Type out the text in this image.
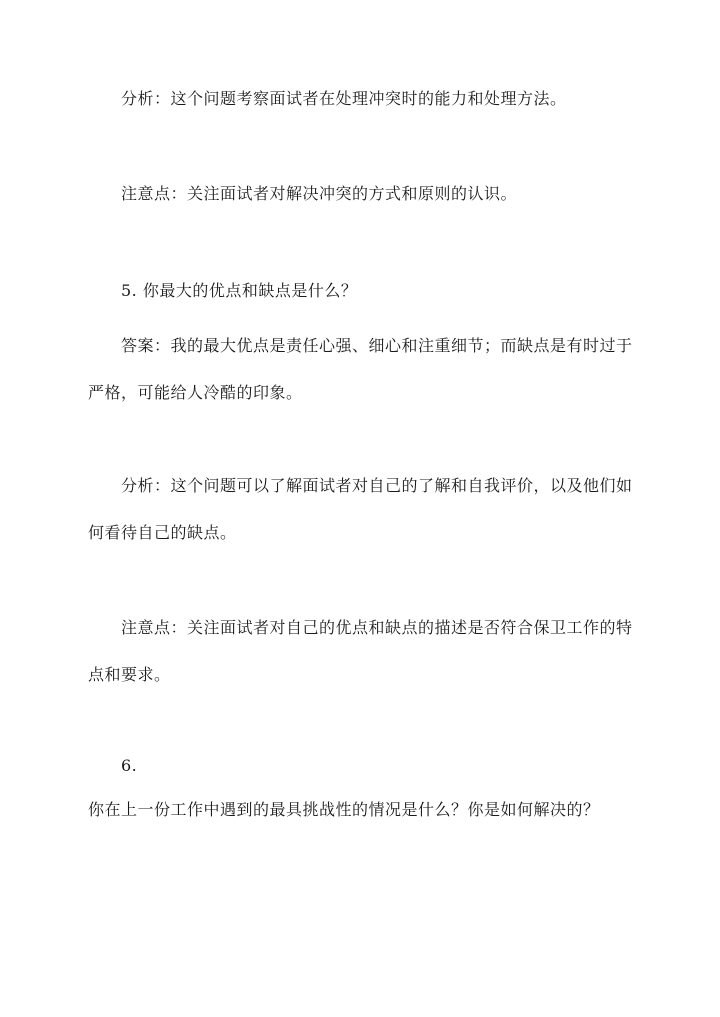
分析：这个问题考察面试者在处理冲突时的能力和处理方法。

注意点：关注面试者对解决冲突的方式和原则的认识。

5. 你最大的优点和缺点是什么？

答案：我的最大优点是责任心强、细心和注重细节；而缺点是有时过于严格，可能给人冷酷的印象。

分析：这个问题可以了解面试者对自己的了解和自我评价，以及他们如何看待自己的缺点。

注意点：关注面试者对自己的优点和缺点的描述是否符合保卫工作的特点和要求。

6.

你在上一份工作中遇到的最具挑战性的情况是什么？你是如何解决的？
